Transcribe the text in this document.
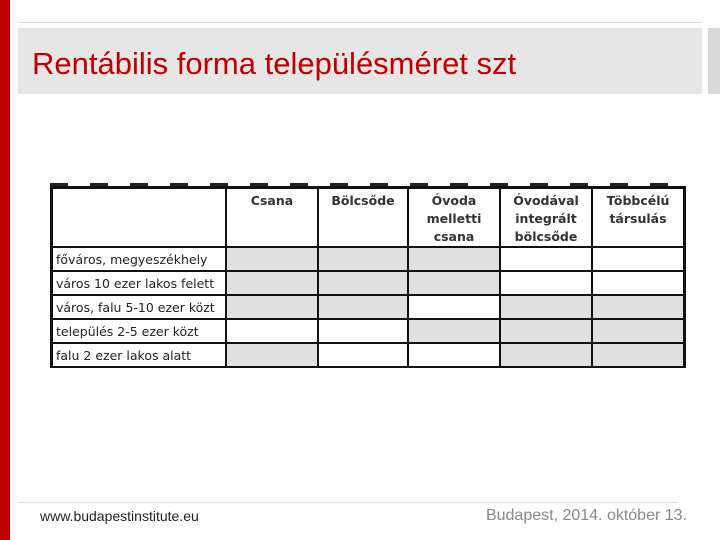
Rentábilis forma településméret szt
	Csana	Bölcsőde	Óvoda melletti csana	Óvodával integrált bölcsőde	Többcélú társulás
főváros, megyeszékhely					
város 10 ezer lakos felett					
város, falu 5-10 ezer közt					
település 2-5 ezer közt					
falu 2 ezer lakos alatt					
www.budapestinstitute.eu	Budapest, 2014. október 13.
